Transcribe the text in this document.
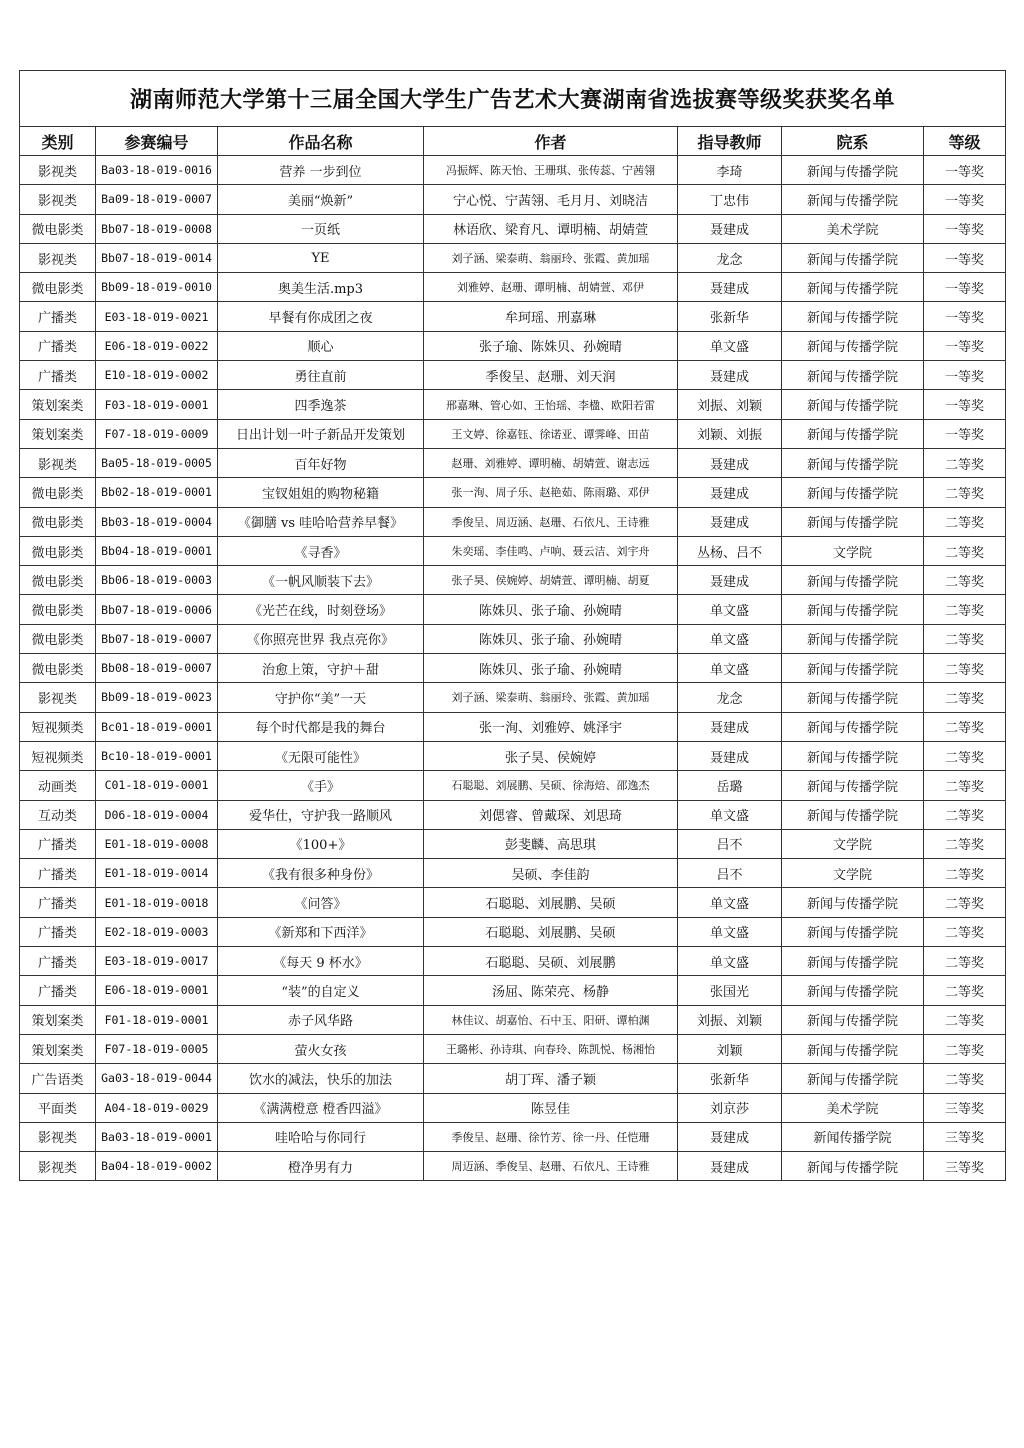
湖南师范大学第十三届全国大学生广告艺术大赛湖南省选拔赛等级奖获奖名单						
类别	参赛编号	作品名称	作者	指导教师	院系	等级
影视类	Ba03-18-019-0016	营养 一步到位	冯振辉、陈天怡、王珊琪、张传蕊、宁茜翎	李琦	新闻与传播学院	一等奖
影视类	Ba09-18-019-0007	美丽“焕新”	宁心悦、宁茜翎、毛月月、刘晓洁	丁忠伟	新闻与传播学院	一等奖
微电影类	Bb07-18-019-0008	一页纸	林语欣、梁育凡、谭明楠、胡婧萱	聂建成	美术学院	一等奖
影视类	Bb07-18-019-0014	YE	刘子涵、梁泰萌、翁丽玲、张霞、黄加瑶	龙念	新闻与传播学院	一等奖
微电影类	Bb09-18-019-0010	奥美生活.mp3	刘雅婷、赵珊、谭明楠、胡婧萱、邓伊	聂建成	新闻与传播学院	一等奖
广播类	E03-18-019-0021	早餐有你成团之夜	牟珂瑶、刑嘉琳	张新华	新闻与传播学院	一等奖
广播类	E06-18-019-0022	顺心	张子瑜、陈姝贝、孙婉晴	单文盛	新闻与传播学院	一等奖
广播类	E10-18-019-0002	勇往直前	季俊呈、赵珊、刘天润	聂建成	新闻与传播学院	一等奖
策划案类	F03-18-019-0001	四季逸茶	邢嘉琳、管心如、王怡瑶、李楹、欧阳若雷	刘振、刘颖	新闻与传播学院	一等奖
策划案类	F07-18-019-0009	日出计划一叶子新品开发策划	王文婷、徐嘉钰、徐诺亚、谭霁峰、田苗	刘颖、刘振	新闻与传播学院	一等奖
影视类	Ba05-18-019-0005	百年好物	赵珊、刘雅婷、谭明楠、胡婧萱、谢志远	聂建成	新闻与传播学院	二等奖
微电影类	Bb02-18-019-0001	宝钗姐姐的购物秘籍	张一洵、周子乐、赵艳茹、陈雨璐、邓伊	聂建成	新闻与传播学院	二等奖
微电影类	Bb03-18-019-0004	《御膳 vs 哇哈哈营养早餐》	季俊呈、周迈涵、赵珊、石依凡、王诗雅	聂建成	新闻与传播学院	二等奖
微电影类	Bb04-18-019-0001	《寻香》	朱奕瑶、李佳鸣、卢响、聂云洁、刘宇舟	丛杨、吕不	文学院	二等奖
微电影类	Bb06-18-019-0003	《一帆风顺装下去》	张子昊、侯婉婷、胡婧萱、谭明楠、胡夏	聂建成	新闻与传播学院	二等奖
微电影类	Bb07-18-019-0006	《光芒在线，时刻登场》	陈姝贝、张子瑜、孙婉晴	单文盛	新闻与传播学院	二等奖
微电影类	Bb07-18-019-0007	《你照亮世界 我点亮你》	陈姝贝、张子瑜、孙婉晴	单文盛	新闻与传播学院	二等奖
微电影类	Bb08-18-019-0007	治愈上策，守护＋甜	陈姝贝、张子瑜、孙婉晴	单文盛	新闻与传播学院	二等奖
影视类	Bb09-18-019-0023	守护你“美”一天	刘子涵、梁泰萌、翁丽玲、张霞、黄加瑶	龙念	新闻与传播学院	二等奖
短视频类	Bc01-18-019-0001	每个时代都是我的舞台	张一洵、刘雅婷、姚泽宇	聂建成	新闻与传播学院	二等奖
短视频类	Bc10-18-019-0001	《无限可能性》	张子昊、侯婉婷	聂建成	新闻与传播学院	二等奖
动画类	C01-18-019-0001	《手》	石聪聪、刘展鹏、吴硕、徐海焙、邵逸杰	岳璐	新闻与传播学院	二等奖
互动类	D06-18-019-0004	爱华仕，守护我一路顺风	刘偲睿、曾戴琛、刘思琦	单文盛	新闻与传播学院	二等奖
广播类	E01-18-019-0008	《100+》	彭斐麟、高思琪	吕不	文学院	二等奖
广播类	E01-18-019-0014	《我有很多种身份》	吴硕、李佳韵	吕不	文学院	二等奖
广播类	E01-18-019-0018	《问答》	石聪聪、刘展鹏、吴硕	单文盛	新闻与传播学院	二等奖
广播类	E02-18-019-0003	《新郑和下西洋》	石聪聪、刘展鹏、吴硕	单文盛	新闻与传播学院	二等奖
广播类	E03-18-019-0017	《每天 9 杯水》	石聪聪、吴硕、刘展鹏	单文盛	新闻与传播学院	二等奖
广播类	E06-18-019-0001	“装”的自定义	汤屈、陈荣亮、杨静	张国光	新闻与传播学院	二等奖
策划案类	F01-18-019-0001	赤子风华路	林佳议、胡嘉怡、石中玉、阳研、谭柏渊	刘振、刘颖	新闻与传播学院	二等奖
策划案类	F07-18-019-0005	萤火女孩	王璐彬、孙诗琪、向春玲、陈凯悦、杨湘怡	刘颖	新闻与传播学院	二等奖
广告语类	Ga03-18-019-0044	饮水的减法，快乐的加法	胡丁珲、潘子颖	张新华	新闻与传播学院	二等奖
平面类	A04-18-019-0029	《满满橙意 橙香四溢》	陈昱佳	刘京莎	美术学院	三等奖
影视类	Ba03-18-019-0001	哇哈哈与你同行	季俊呈、赵珊、徐竹芳、徐一丹、任恺珊	聂建成	新闻传播学院	三等奖
影视类	Ba04-18-019-0002	橙净男有力	周迈涵、季俊呈、赵珊、石依凡、王诗雅	聂建成	新闻与传播学院	三等奖
